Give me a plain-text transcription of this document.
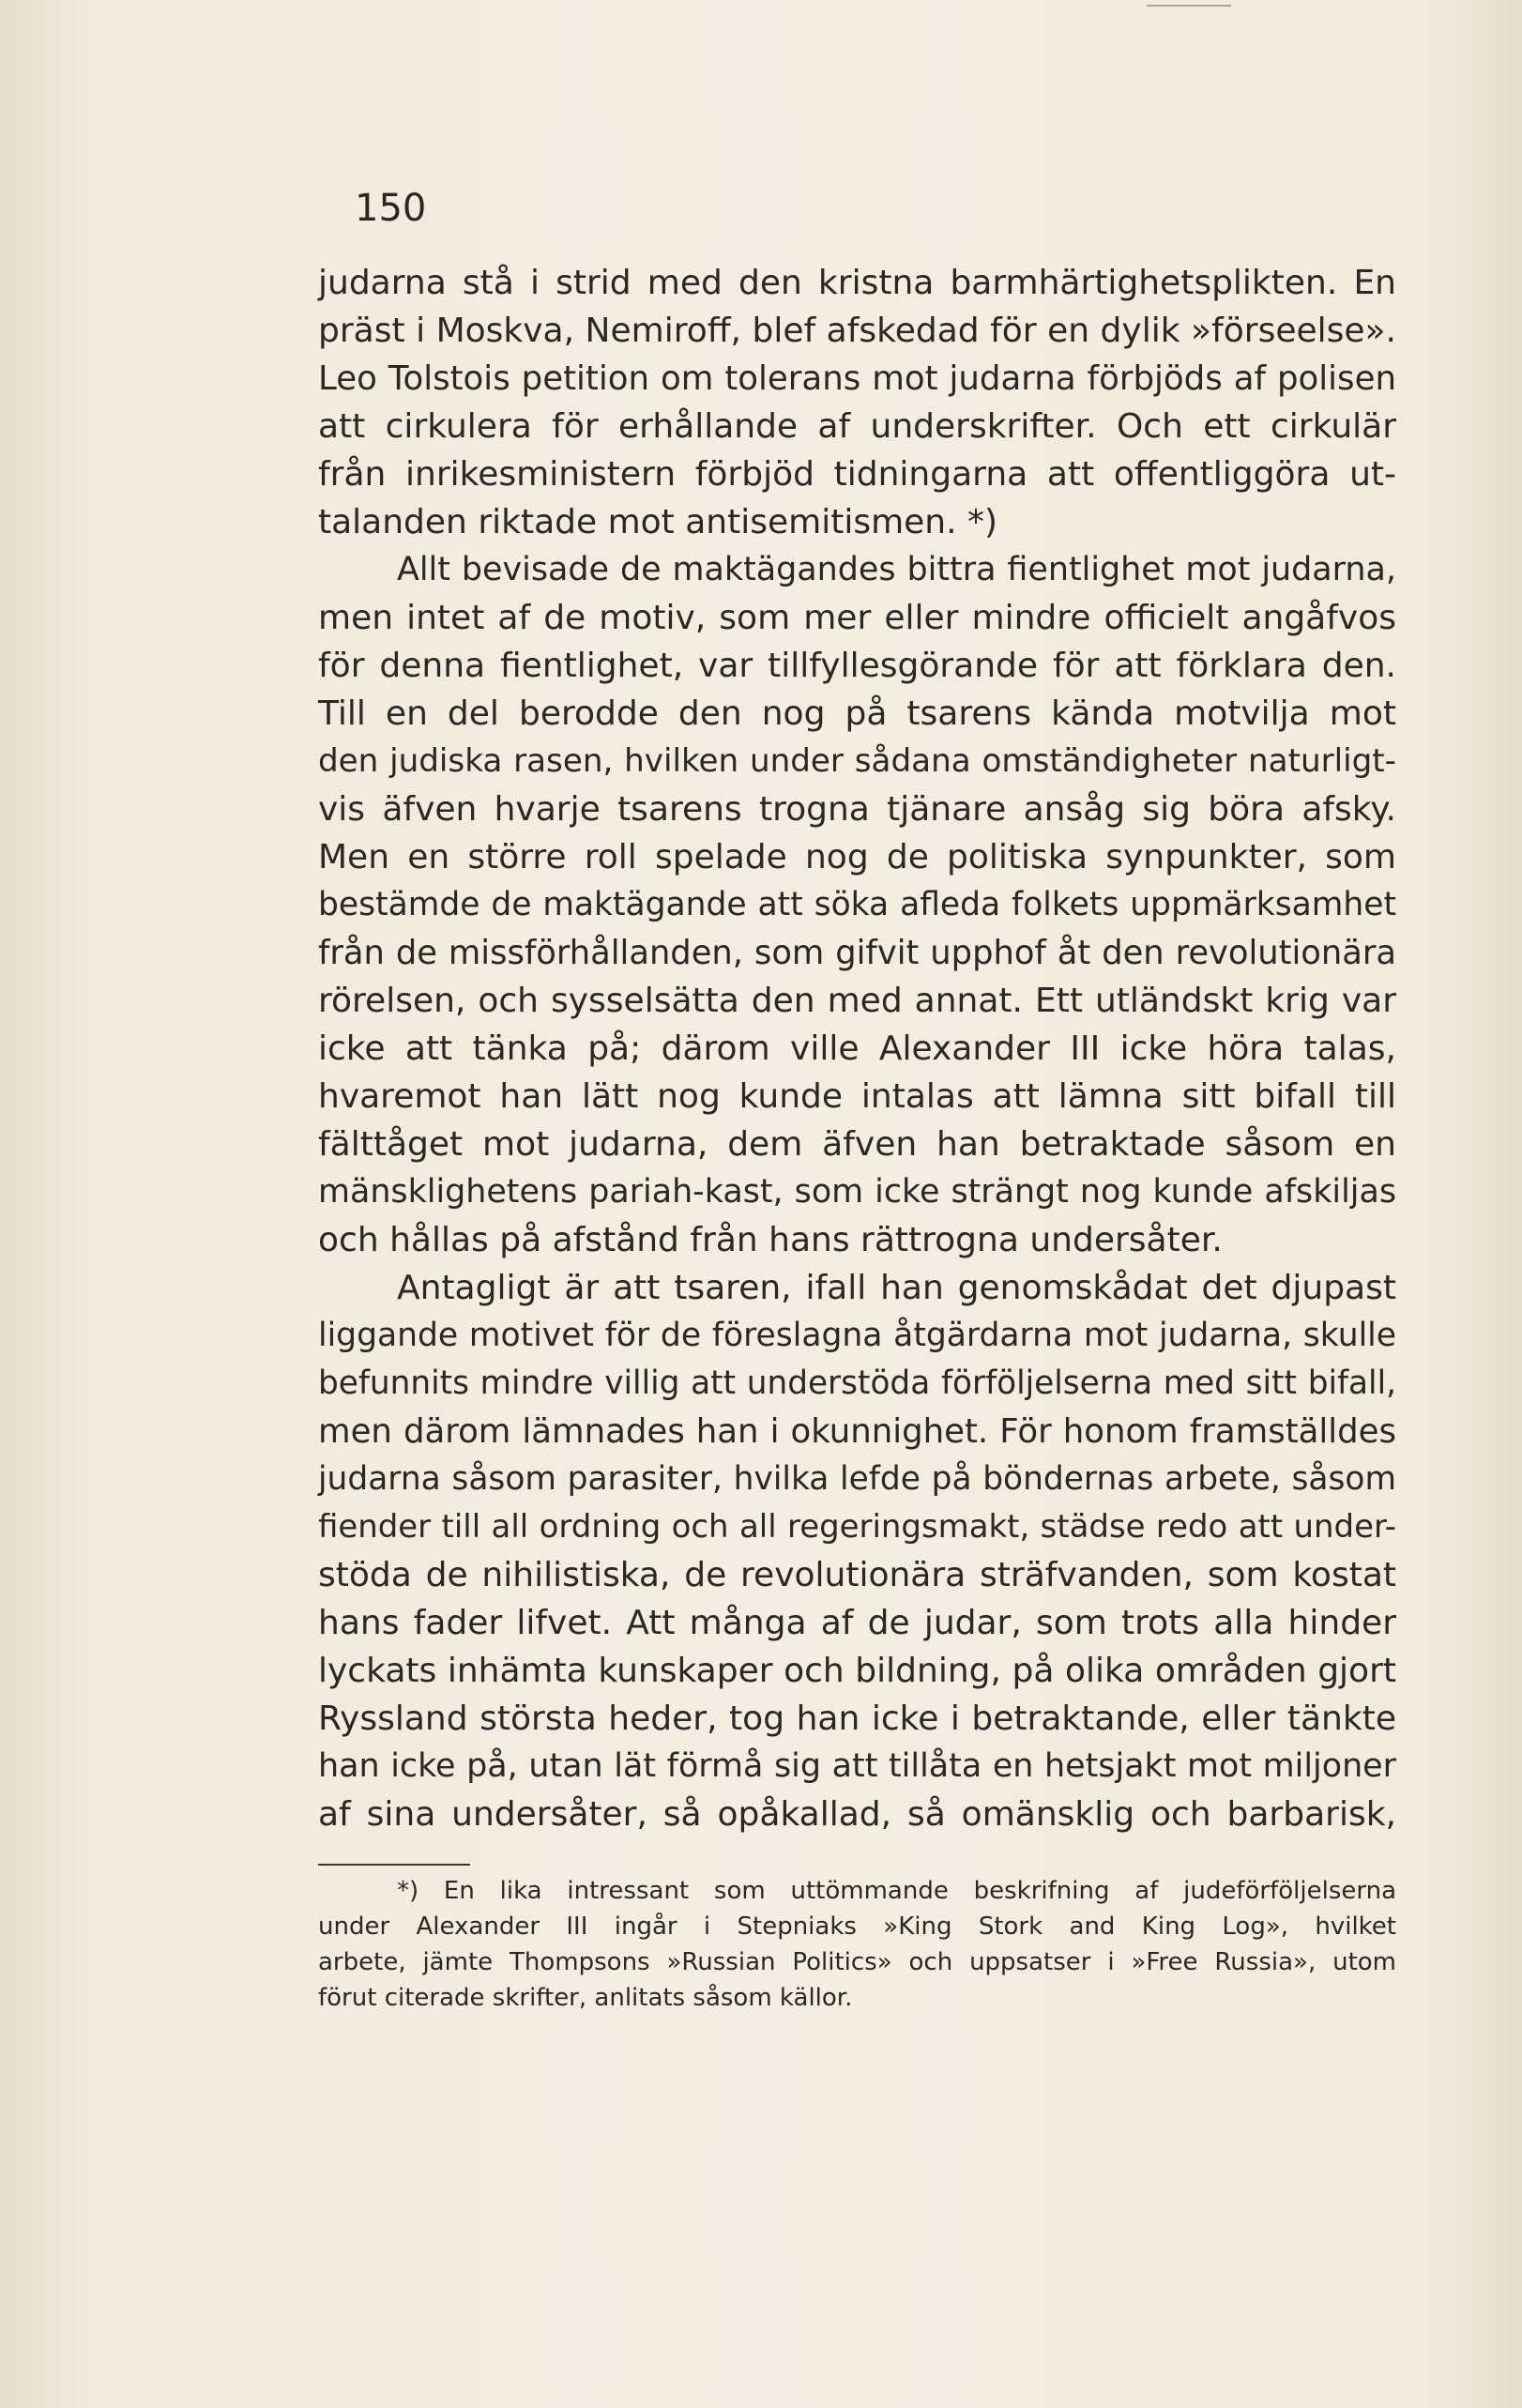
150
judarna stå i strid med den kristna barmhärtighetsplikten. En
präst i Moskva, Nemiroff, blef afskedad för en dylik »förseelse».
Leo Tolstois petition om tolerans mot judarna förbjöds af polisen
att cirkulera för erhållande af underskrifter. Och ett cirkulär
från inrikesministern förbjöd tidningarna att offentliggöra ut-
talanden riktade mot antisemitismen. *)
Allt bevisade de maktägandes bittra fientlighet mot judarna,
men intet af de motiv, som mer eller mindre officielt angåfvos
för denna fientlighet, var tillfyllesgörande för att förklara den.
Till en del berodde den nog på tsarens kända motvilja mot
den judiska rasen, hvilken under sådana omständigheter naturligt-
vis äfven hvarje tsarens trogna tjänare ansåg sig böra afsky.
Men en större roll spelade nog de politiska synpunkter, som
bestämde de maktägande att söka afleda folkets uppmärksamhet
från de missförhållanden, som gifvit upphof åt den revolutionära
rörelsen, och sysselsätta den med annat. Ett utländskt krig var
icke att tänka på; därom ville Alexander III icke höra talas,
hvaremot han lätt nog kunde intalas att lämna sitt bifall till
fälttåget mot judarna, dem äfven han betraktade såsom en
mänsklighetens pariah-kast, som icke strängt nog kunde afskiljas
och hållas på afstånd från hans rättrogna undersåter.
Antagligt är att tsaren, ifall han genomskådat det djupast
liggande motivet för de föreslagna åtgärdarna mot judarna, skulle
befunnits mindre villig att understöda förföljelserna med sitt bifall,
men därom lämnades han i okunnighet. För honom framställdes
judarna såsom parasiter, hvilka lefde på böndernas arbete, såsom
fiender till all ordning och all regeringsmakt, städse redo att under-
stöda de nihilistiska, de revolutionära sträfvanden, som kostat
hans fader lifvet. Att många af de judar, som trots alla hinder
lyckats inhämta kunskaper och bildning, på olika områden gjort
Ryssland största heder, tog han icke i betraktande, eller tänkte
han icke på, utan lät förmå sig att tillåta en hetsjakt mot miljoner
af sina undersåter, så opåkallad, så omänsklig och barbarisk,
*) En lika intressant som uttömmande beskrifning af judeförföljelserna
under Alexander III ingår i Stepniaks »King Stork and King Log», hvilket
arbete, jämte Thompsons »Russian Politics» och uppsatser i »Free Russia», utom
förut citerade skrifter, anlitats såsom källor.
